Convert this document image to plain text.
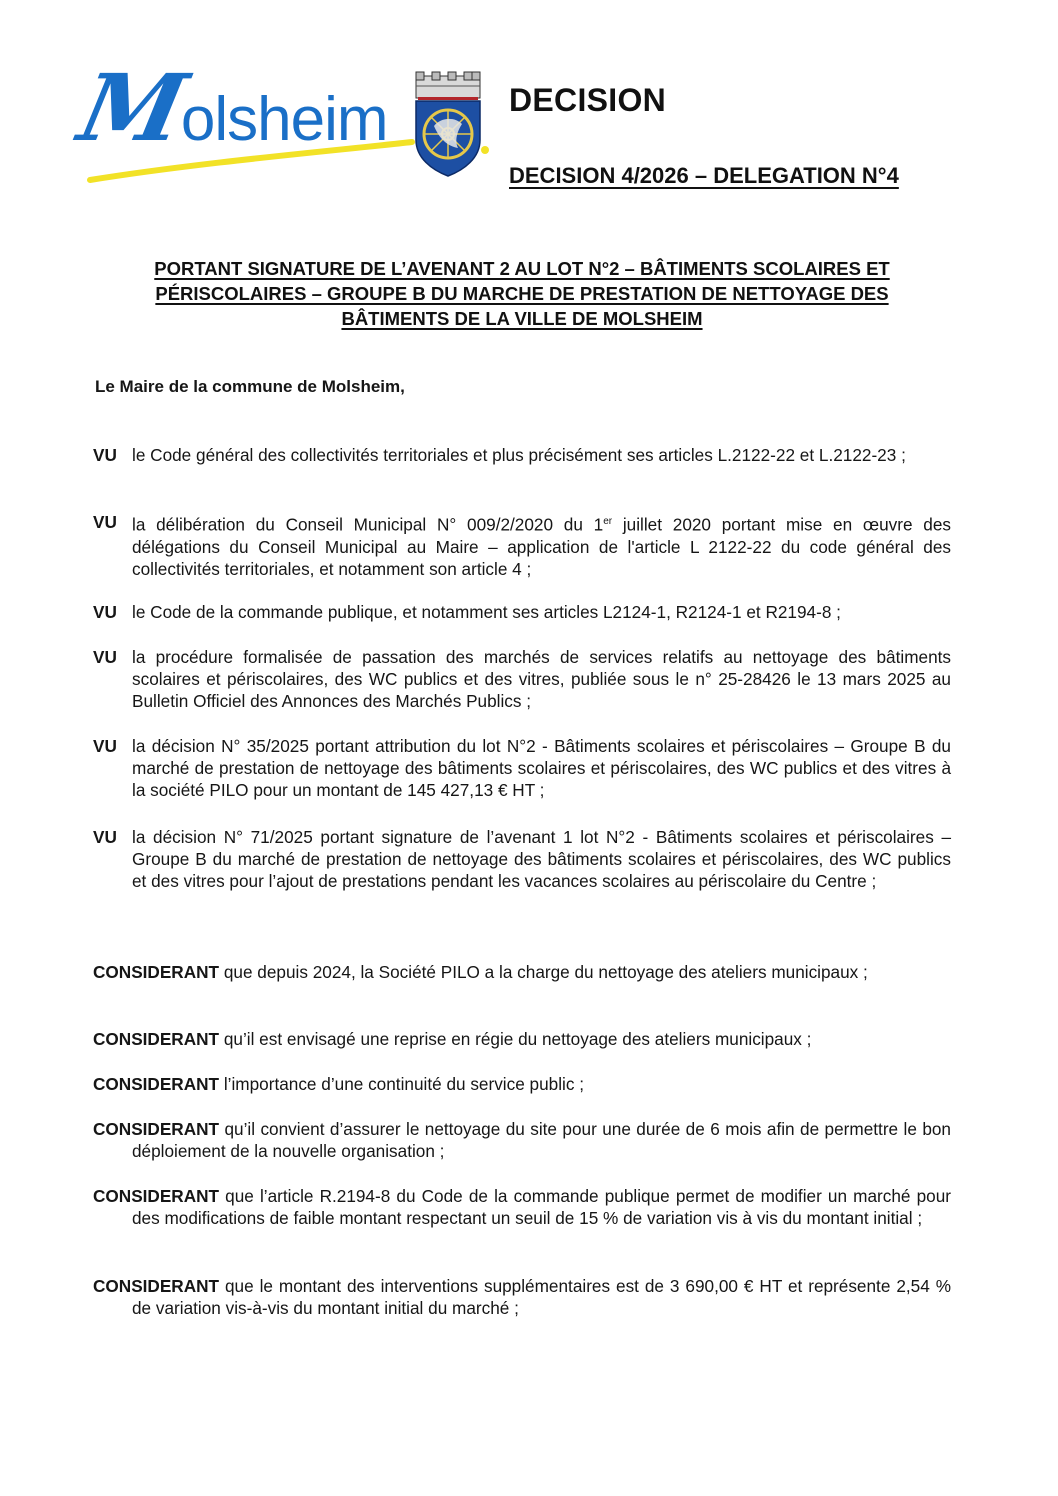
Molsheim	DECISION
DECISION 4/2026 – DELEGATION N°4
PORTANT SIGNATURE DE L’AVENANT 2 AU LOT N°2 – BÂTIMENTS SCOLAIRES ET
PÉRISCOLAIRES – GROUPE B DU MARCHE DE PRESTATION DE NETTOYAGE DES
BÂTIMENTS DE LA VILLE DE MOLSHEIM
Le Maire de la commune de Molsheim,
VU le Code général des collectivités territoriales et plus précisément ses articles L.2122-22 et L.2122-23 ;
VU la délibération du Conseil Municipal N° 009/2/2020 du 1er juillet 2020 portant mise en œuvre des délégations du Conseil Municipal au Maire – application de l'article L 2122-22 du code général des collectivités territoriales, et notamment son article 4 ;
VU le Code de la commande publique, et notamment ses articles L2124-1, R2124-1 et R2194-8 ;
VU la procédure formalisée de passation des marchés de services relatifs au nettoyage des bâtiments scolaires et périscolaires, des WC publics et des vitres, publiée sous le n° 25-28426 le 13 mars 2025 au Bulletin Officiel des Annonces des Marchés Publics ;
VU la décision N° 35/2025 portant attribution du lot N°2 - Bâtiments scolaires et périscolaires – Groupe B du marché de prestation de nettoyage des bâtiments scolaires et périscolaires, des WC publics et des vitres à la société PILO pour un montant de 145 427,13 € HT ;
VU la décision N° 71/2025 portant signature de l’avenant 1 lot N°2 - Bâtiments scolaires et périscolaires – Groupe B du marché de prestation de nettoyage des bâtiments scolaires et périscolaires, des WC publics et des vitres pour l’ajout de prestations pendant les vacances scolaires au périscolaire du Centre ;
CONSIDERANT que depuis 2024, la Société PILO a la charge du nettoyage des ateliers municipaux ;
CONSIDERANT qu’il est envisagé une reprise en régie du nettoyage des ateliers municipaux ;
CONSIDERANT l’importance d’une continuité du service public ;
CONSIDERANT qu’il convient d’assurer le nettoyage du site pour une durée de 6 mois afin de permettre le bon déploiement de la nouvelle organisation ;
CONSIDERANT que l’article R.2194-8 du Code de la commande publique permet de modifier un marché pour des modifications de faible montant respectant un seuil de 15 % de variation vis à vis du montant initial ;
CONSIDERANT que le montant des interventions supplémentaires est de 3 690,00 € HT et représente 2,54 % de variation vis-à-vis du montant initial du marché ;
